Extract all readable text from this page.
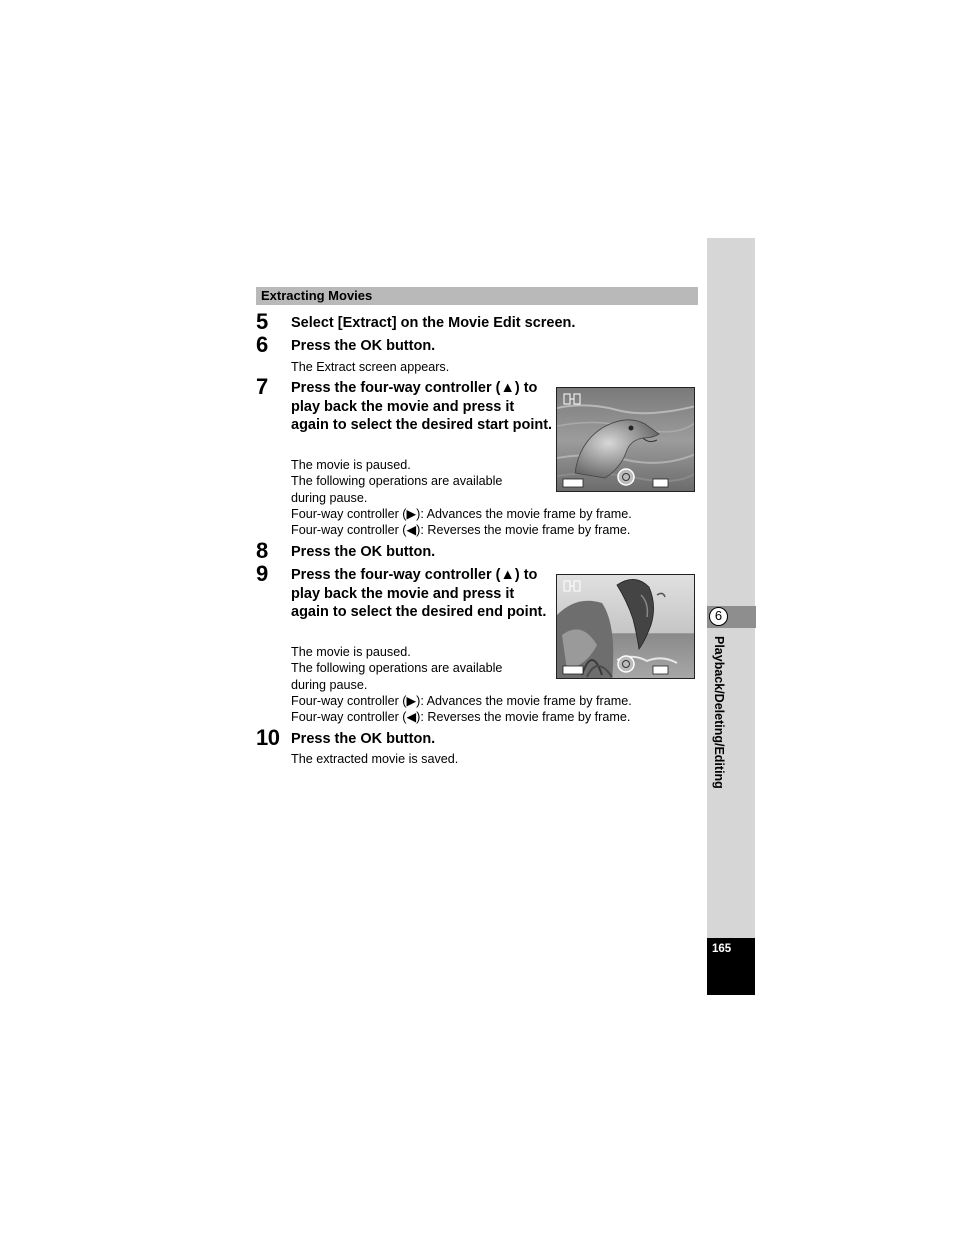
Extracting Movies
5 Select [Extract] on the Movie Edit screen.
6 Press the OK button.
The Extract screen appears.
7 Press the four-way controller (▲) to play back the movie and press it again to select the desired start point.
The movie is paused.
The following operations are available
during pause.
Four-way controller (▶): Advances the movie frame by frame.
Four-way controller (◀): Reverses the movie frame by frame.
8 Press the OK button.
9 Press the four-way controller (▲) to play back the movie and press it again to select the desired end point.
The movie is paused.
The following operations are available
during pause.
Four-way controller (▶): Advances the movie frame by frame.
Four-way controller (◀): Reverses the movie frame by frame.
10 Press the OK button.
The extracted movie is saved.
6
Playback/Deleting/Editing
165
